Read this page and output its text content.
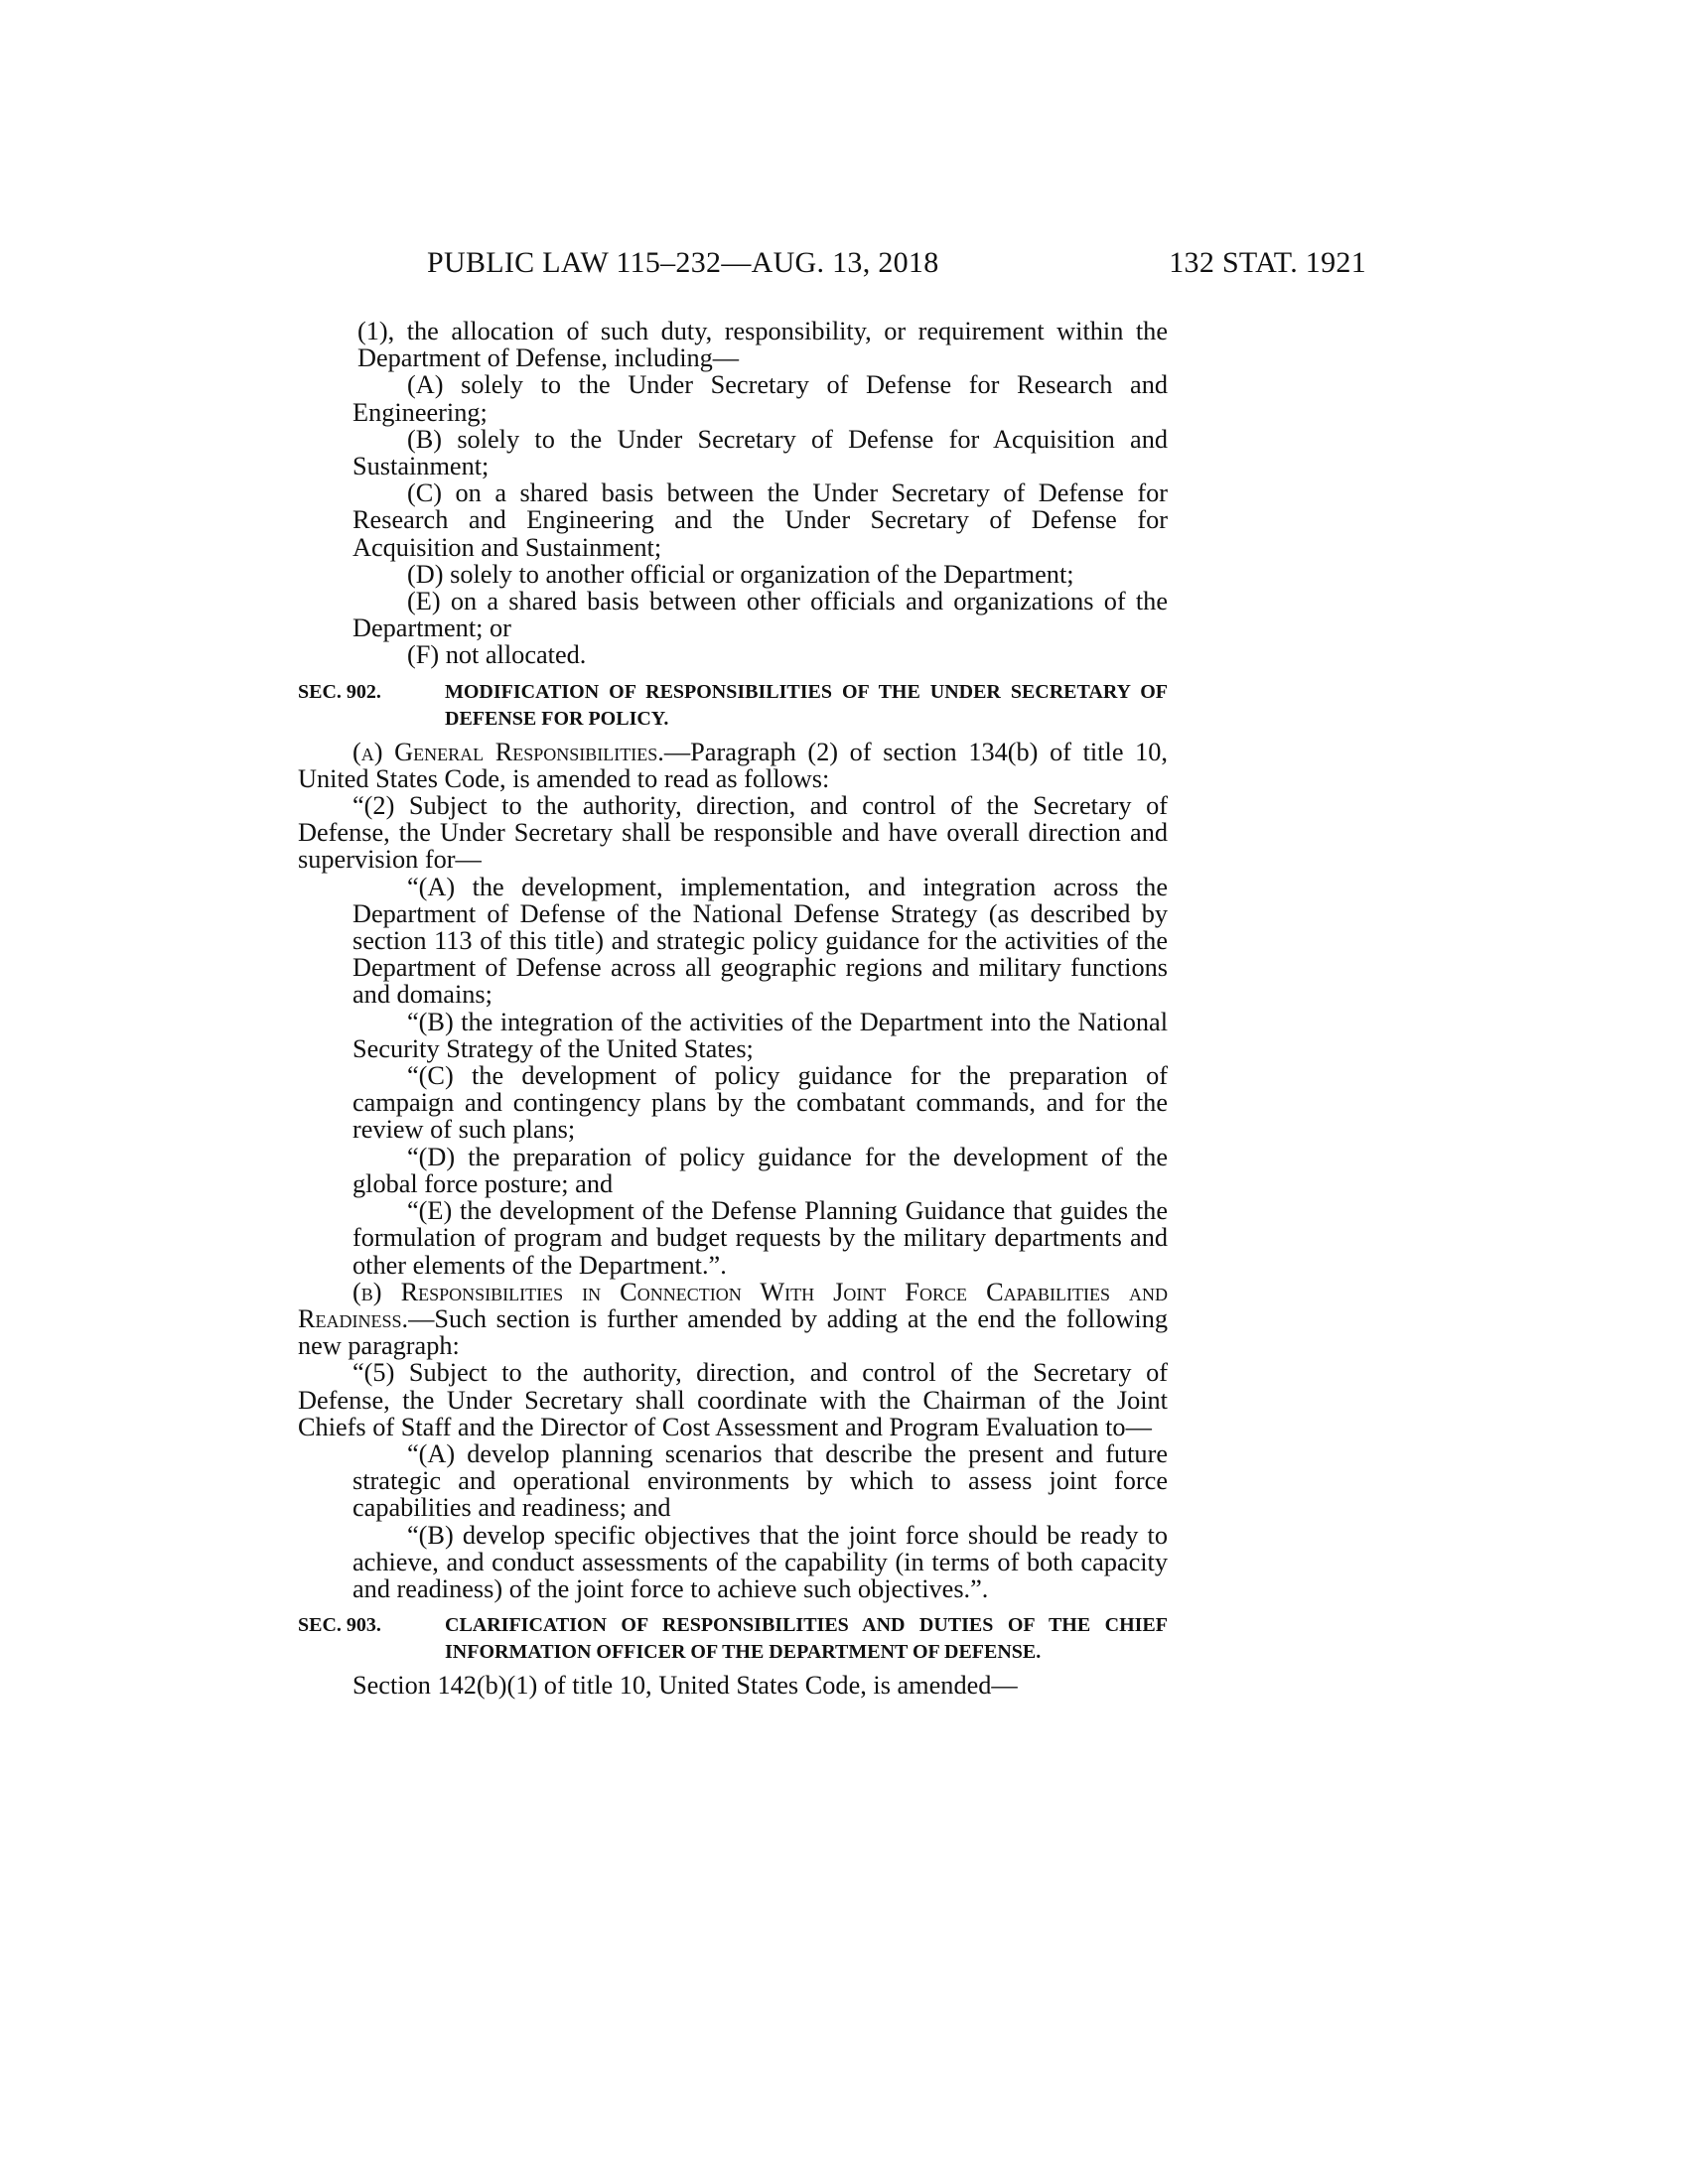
PUBLIC LAW 115–232—AUG. 13, 2018	132 STAT. 1921

(1), the allocation of such duty, responsibility, or requirement within the Department of Defense, including—

(A) solely to the Under Secretary of Defense for Research and Engineering;

(B) solely to the Under Secretary of Defense for Acquisition and Sustainment;

(C) on a shared basis between the Under Secretary of Defense for Research and Engineering and the Under Secretary of Defense for Acquisition and Sustainment;

(D) solely to another official or organization of the Department;

(E) on a shared basis between other officials and organizations of the Department; or

(F) not allocated.

SEC. 902.	MODIFICATION OF RESPONSIBILITIES OF THE UNDER SECRETARY OF DEFENSE FOR POLICY.

(a) General Responsibilities.—Paragraph (2) of section 134(b) of title 10, United States Code, is amended to read as follows:

“(2) Subject to the authority, direction, and control of the Secretary of Defense, the Under Secretary shall be responsible and have overall direction and supervision for—

“(A) the development, implementation, and integration across the Department of Defense of the National Defense Strategy (as described by section 113 of this title) and strategic policy guidance for the activities of the Department of Defense across all geographic regions and military functions and domains;

“(B) the integration of the activities of the Department into the National Security Strategy of the United States;

“(C) the development of policy guidance for the preparation of campaign and contingency plans by the combatant commands, and for the review of such plans;

“(D) the preparation of policy guidance for the development of the global force posture; and

“(E) the development of the Defense Planning Guidance that guides the formulation of program and budget requests by the military departments and other elements of the Department.”.

(b) Responsibilities in Connection With Joint Force Capabilities and Readiness.—Such section is further amended by adding at the end the following new paragraph:

“(5) Subject to the authority, direction, and control of the Secretary of Defense, the Under Secretary shall coordinate with the Chairman of the Joint Chiefs of Staff and the Director of Cost Assessment and Program Evaluation to—

“(A) develop planning scenarios that describe the present and future strategic and operational environments by which to assess joint force capabilities and readiness; and

“(B) develop specific objectives that the joint force should be ready to achieve, and conduct assessments of the capability (in terms of both capacity and readiness) of the joint force to achieve such objectives.”.

SEC. 903.	CLARIFICATION OF RESPONSIBILITIES AND DUTIES OF THE CHIEF INFORMATION OFFICER OF THE DEPARTMENT OF DEFENSE.

Section 142(b)(1) of title 10, United States Code, is amended—
